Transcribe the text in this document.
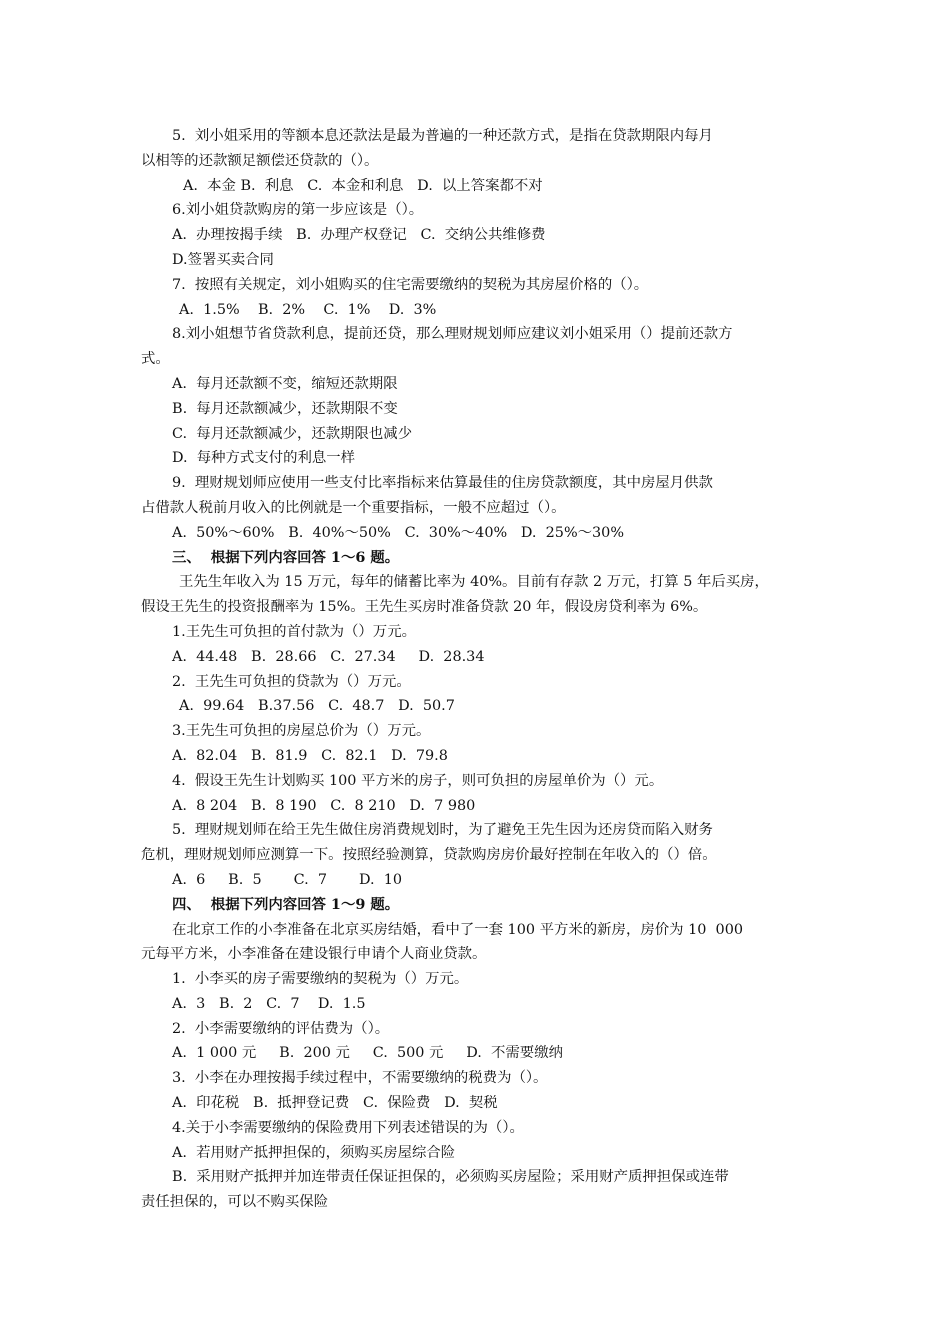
5.  刘小姐采用的等额本息还款法是最为普遍的一种还款方式，是指在贷款期限内每月
以相等的还款额足额偿还贷款的（）。
A.  本金 B.  利息   C.  本金和利息   D.  以上答案都不对
6.刘小姐贷款购房的第一步应该是（）。
A.  办理按揭手续   B.  办理产权登记   C.  交纳公共维修费
D.签署买卖合同
7.  按照有关规定，刘小姐购买的住宅需要缴纳的契税为其房屋价格的（）。
A.  1.5%    B.  2%    C.  1%    D.  3%
8.刘小姐想节省贷款利息，提前还贷，那么理财规划师应建议刘小姐采用（）提前还款方
式。
A.  每月还款额不变，缩短还款期限
B.  每月还款额减少，还款期限不变
C.  每月还款额减少，还款期限也减少
D.  每种方式支付的利息一样
9.  理财规划师应使用一些支付比率指标来估算最佳的住房贷款额度，其中房屋月供款
占借款人税前月收入的比例就是一个重要指标，一般不应超过（）。
A.  50%～60%   B.  40%～50%   C.  30%～40%   D.  25%～30%
三、  根据下列内容回答 1～6 题。
王先生年收入为 15 万元，每年的储蓄比率为 40%。目前有存款 2 万元，打算 5 年后买房，
假设王先生的投资报酬率为 15%。王先生买房时准备贷款 20 年，假设房贷利率为 6%。
1.王先生可负担的首付款为（）万元。
A.  44.48   B.  28.66   C.  27.34     D.  28.34
2.  王先生可负担的贷款为（）万元。
A.  99.64   B.37.56   C.  48.7   D.  50.7
3.王先生可负担的房屋总价为（）万元。
A.  82.04   B.  81.9   C.  82.1   D.  79.8
4.  假设王先生计划购买 100 平方米的房子，则可负担的房屋单价为（）元。
A.  8 204   B.  8 190   C.  8 210   D.  7 980
5.  理财规划师在给王先生做住房消费规划时，为了避免王先生因为还房贷而陷入财务
危机，理财规划师应测算一下。按照经验测算，贷款购房房价最好控制在年收入的（）倍。
A.  6     B.  5       C.  7       D.  10
四、  根据下列内容回答 1～9 题。
在北京工作的小李准备在北京买房结婚，看中了一套 100 平方米的新房，房价为 10  000
元每平方米，小李准备在建设银行申请个人商业贷款。
1.  小李买的房子需要缴纳的契税为（）万元。
A.  3   B.  2   C.  7    D.  1.5
2.  小李需要缴纳的评估费为（）。
A.  1 000 元     B.  200 元     C.  500 元     D.  不需要缴纳
3.  小李在办理按揭手续过程中，不需要缴纳的税费为（）。
A.  印花税   B.  抵押登记费   C.  保险费   D.  契税
4.关于小李需要缴纳的保险费用下列表述错误的为（）。
A.  若用财产抵押担保的，须购买房屋综合险
B.  采用财产抵押并加连带责任保证担保的，必须购买房屋险；采用财产质押担保或连带
责任担保的，可以不购买保险
